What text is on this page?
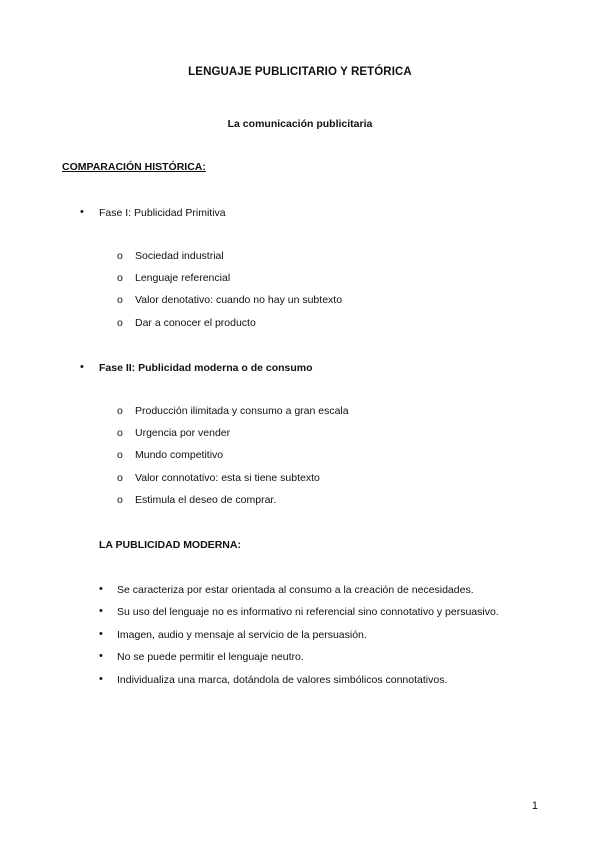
LENGUAJE PUBLICITARIO Y RETÓRICA
La comunicación publicitaria
COMPARACIÓN HISTÓRICA:
• Fase I: Publicidad Primitiva
o Sociedad industrial
o Lenguaje referencial
o Valor denotativo: cuando no hay un subtexto
o Dar a conocer el producto
• Fase II: Publicidad moderna o de consumo
o Producción ilimitada y consumo a gran escala
o Urgencia por vender
o Mundo competitivo
o Valor connotativo: esta si tiene subtexto
o Estimula el deseo de comprar.
LA PUBLICIDAD MODERNA:
• Se caracteriza por estar orientada al consumo a la creación de necesidades.
• Su uso del lenguaje no es informativo ni referencial sino connotativo y persuasivo.
• Imagen, audio y mensaje al servicio de la persuasión.
• No se puede permitir el lenguaje neutro.
• Individualiza una marca, dotándola de valores simbólicos connotativos.
1
